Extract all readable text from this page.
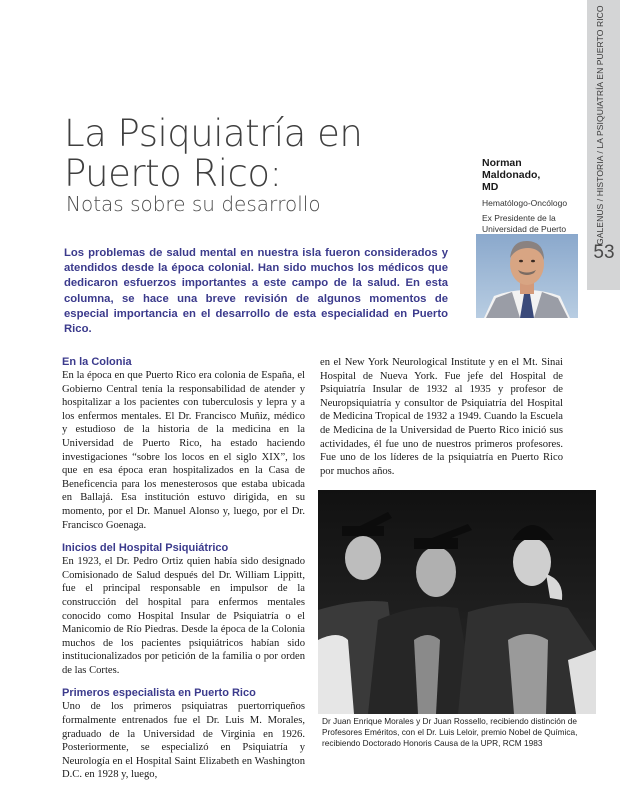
GALENUS / HISTORIA / LA PSIQUIATRÍA EN PUERTO RICO
53
La Psiquiatría en
Puerto Rico:
Notas sobre su desarrollo
Norman Maldonado,
MD
Hematólogo-Oncólogo
Ex Presidente de la Universidad de Puerto

Los problemas de salud mental en nuestra isla fueron considerados y atendidos desde la época colonial. Han sido muchos los médicos que dedicaron esfuerzos importantes a este campo de la salud. En esta columna, se hace una breve revisión de algunos momentos de especial importancia en el desarrollo de esta especialidad en Puerto Rico.

En la Colonia

En la época en que Puerto Rico era colonia de España, el Gobierno Central tenía la responsabilidad de atender y hospitalizar a los pacientes con tuberculosis y lepra y a los enfermos mentales. El Dr. Francisco Muñiz, médico y estudioso de la historia de la medicina en la Universidad de Puerto Rico, ha estado haciendo investigaciones “sobre los locos en el siglo XIX”, los que en esa época eran hospitalizados en la Casa de Beneficencia para los menesterosos que estaba ubicada en Ballajá. Esa institución estuvo dirigida, en su momento, por el Dr. Manuel Alonso y, luego, por el Dr. Francisco Goenaga.

Inicios del Hospital Psiquiátrico

En 1923, el Dr. Pedro Ortiz quien había sido designado Comisionado de Salud después del Dr. William Lippitt, fue el principal responsable en impulsor de la construcción del hospital para enfermos mentales conocido como Hospital Insular de Psiquiatría o el Manicomio de Río Piedras. Desde la época de la Colonia muchos de los pacientes psiquiátricos habían sido institucionalizados por petición de la familia o por orden de las Cortes.

Primeros especialista en Puerto Rico

Uno de los primeros psiquiatras puertorriqueños formalmente entrenados fue el Dr. Luis M. Morales, graduado de la Universidad de Virginia en 1926. Posteriormente, se especializó en Psiquiatría y Neurología en el Hospital Saint Elizabeth en Washington D.C. en 1928 y, luego,

en el New York Neurological Institute y en el Mt. Sinai Hospital de Nueva York. Fue jefe del Hospital de Psiquiatría Insular de 1932 al 1935 y profesor de Neuropsiquiatría y consultor de Psiquiatría del Hospital de Medicina Tropical de 1932 a 1949. Cuando la Escuela de Medicina de la Universidad de Puerto Rico inició sus actividades, él fue uno de nuestros primeros profesores. Fue uno de los líderes de la psiquiatría en Puerto Rico por muchos años.

Dr Juan Enrique Morales y Dr Juan Rossello, recibiendo distinción de Profesores Eméritos, con el Dr. Luis Leloir, premio Nobel de Química, recibiendo Doctorado Honoris Causa de la UPR, RCM 1983
